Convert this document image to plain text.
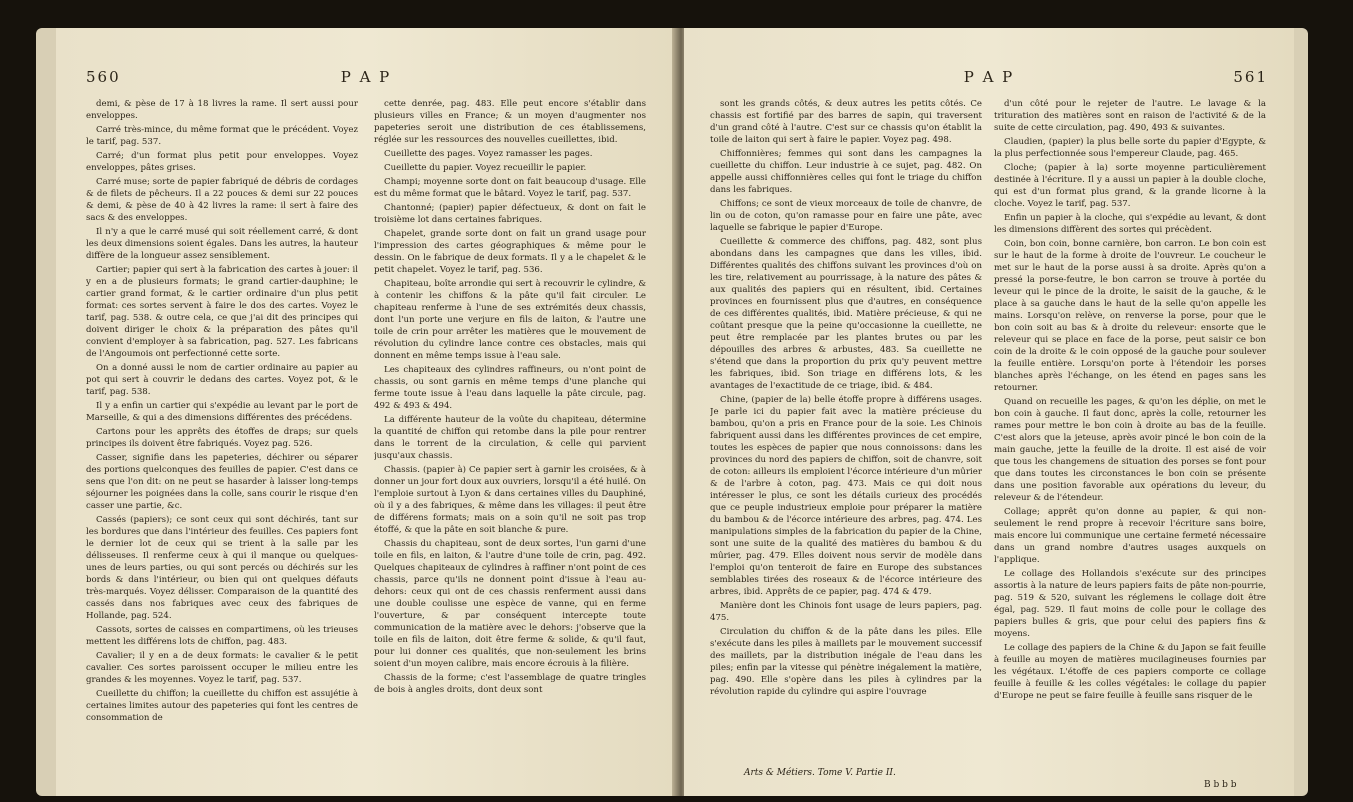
560	P A P

demi, & pèse de 17 à 18 livres la rame. Il sert aussi pour enveloppes.

Carré très-mince, du même format que le précédent. Voyez le tarif, pag. 537.

Carré; d'un format plus petit pour enveloppes. Voyez enveloppes, pâtes grises.

Carré muse; sorte de papier fabriqué de débris de cordages & de filets de pêcheurs. Il a 22 pouces & demi sur 22 pouces & demi, & pèse de 40 à 42 livres la rame: il sert à faire des sacs & des enveloppes.

Il n'y a que le carré musé qui soit réellement carré, & dont les deux dimensions soient égales. Dans les autres, la hauteur diffère de la longueur assez sensiblement.

Cartier; papier qui sert à la fabrication des cartes à jouer: il y en a de plusieurs formats; le grand cartier-dauphine; le cartier grand format, & le cartier ordinaire d'un plus petit format: ces sortes servent à faire le dos des cartes. Voyez le tarif, pag. 538. & outre cela, ce que j'ai dit des principes qui doivent diriger le choix & la préparation des pâtes qu'il convient d'employer à sa fabrication, pag. 527. Les fabricans de l'Angoumois ont perfectionné cette sorte.

On a donné aussi le nom de cartier ordinaire au papier au pot qui sert à couvrir le dedans des cartes. Voyez pot, & le tarif, pag. 538.

Il y a enfin un cartier qui s'expédie au levant par le port de Marseille, & qui a des dimensions différentes des précédens.

Cartons pour les apprêts des étoffes de draps; sur quels principes ils doivent être fabriqués. Voyez pag. 526.

Casser, signifie dans les papeteries, déchirer ou séparer des portions quelconques des feuilles de papier. C'est dans ce sens que l'on dit: on ne peut se hasarder à laisser long-temps séjourner les poignées dans la colle, sans courir le risque d'en casser une partie, &c.

Cassés (papiers); ce sont ceux qui sont déchirés, tant sur les bordures que dans l'intérieur des feuilles. Ces papiers font le dernier lot de ceux qui se trient à la salle par les délisseuses. Il renferme ceux à qui il manque ou quelques-unes de leurs parties, ou qui sont percés ou déchirés sur les bords & dans l'intérieur, ou bien qui ont quelques défauts très-marqués. Voyez délisser. Comparaison de la quantité des cassés dans nos fabriques avec ceux des fabriques de Hollande, pag. 524.

Cassots, sortes de caisses en compartimens, où les trieuses mettent les différens lots de chiffon, pag. 483.

Cavalier; il y en a de deux formats: le cavalier & le petit cavalier. Ces sortes paroissent occuper le milieu entre les grandes & les moyennes. Voyez le tarif, pag. 537.

Cueillette du chiffon; la cueillette du chiffon est assujétie à certaines limites autour des papeteries qui font les centres de consommation de

cette denrée, pag. 483. Elle peut encore s'établir dans plusieurs villes en France; & un moyen d'augmenter nos papeteries seroit une distribution de ces établissemens, réglée sur les ressources des nouvelles cueillettes, ibid.

Cueillette des pages. Voyez ramasser les pages.

Cueillette du papier. Voyez recueillir le papier.

Champi; moyenne sorte dont on fait beaucoup d'usage. Elle est du même format que le bâtard. Voyez le tarif, pag. 537.

Chantonné; (papier) papier défectueux, & dont on fait le troisième lot dans certaines fabriques.

Chapelet, grande sorte dont on fait un grand usage pour l'impression des cartes géographiques & même pour le dessin. On le fabrique de deux formats. Il y a le chapelet & le petit chapelet. Voyez le tarif, pag. 536.

Chapiteau, boîte arrondie qui sert à recouvrir le cylindre, & à contenir les chiffons & la pâte qu'il fait circuler. Le chapiteau renferme à l'une de ses extrémités deux chassis, dont l'un porte une verjure en fils de laiton, & l'autre une toile de crin pour arrêter les matières que le mouvement de révolution du cylindre lance contre ces obstacles, mais qui donnent en même temps issue à l'eau sale.

Les chapiteaux des cylindres raffineurs, ou n'ont point de chassis, ou sont garnis en même temps d'une planche qui ferme toute issue à l'eau dans laquelle la pâte circule, pag. 492 & 493 & 494.

La différente hauteur de la voûte du chapiteau, détermine la quantité de chiffon qui retombe dans la pile pour rentrer dans le torrent de la circulation, & celle qui parvient jusqu'aux chassis.

Chassis. (papier à) Ce papier sert à garnir les croisées, & à donner un jour fort doux aux ouvriers, lorsqu'il a été huilé. On l'emploie surtout à Lyon & dans certaines villes du Dauphiné, où il y a des fabriques, & même dans les villages: il peut être de différens formats; mais on a soin qu'il ne soit pas trop étoffé, & que la pâte en soit blanche & pure.

Chassis du chapiteau, sont de deux sortes, l'un garni d'une toile en fils, en laiton, & l'autre d'une toile de crin, pag. 492. Quelques chapiteaux de cylindres à raffiner n'ont point de ces chassis, parce qu'ils ne donnent point d'issue à l'eau au-dehors: ceux qui ont de ces chassis renferment aussi dans une double coulisse une espèce de vanne, qui en ferme l'ouverture, & par conséquent intercepte toute communication de la matière avec le dehors: j'observe que la toile en fils de laiton, doit être ferme & solide, & qu'il faut, pour lui donner ces qualités, que non-seulement les brins soient d'un moyen calibre, mais encore écrouis à la filière.

Chassis de la forme; c'est l'assemblage de quatre tringles de bois à angles droits, dont deux sont

P A P	561

sont les grands côtés, & deux autres les petits côtés. Ce chassis est fortifié par des barres de sapin, qui traversent d'un grand côté à l'autre. C'est sur ce chassis qu'on établit la toile de laiton qui sert à faire le papier. Voyez pag. 498.

Chiffonnières; femmes qui sont dans les campagnes la cueillette du chiffon. Leur industrie à ce sujet, pag. 482. On appelle aussi chiffonnières celles qui font le triage du chiffon dans les fabriques.

Chiffons; ce sont de vieux morceaux de toile de chanvre, de lin ou de coton, qu'on ramasse pour en faire une pâte, avec laquelle se fabrique le papier d'Europe.

Cueillette & commerce des chiffons, pag. 482, sont plus abondans dans les campagnes que dans les villes, ibid. Différentes qualités des chiffons suivant les provinces d'où on les tire, relativement au pourrissage, à la nature des pâtes & aux qualités des papiers qui en résultent, ibid. Certaines provinces en fournissent plus que d'autres, en conséquence de ces différentes qualités, ibid. Matière précieuse, & qui ne coûtant presque que la peine qu'occasionne la cueillette, ne peut être remplacée par les plantes brutes ou par les dépouilles des arbres & arbustes, 483. Sa cueillette ne s'étend que dans la proportion du prix qu'y peuvent mettre les fabriques, ibid. Son triage en différens lots, & les avantages de l'exactitude de ce triage, ibid. & 484.

Chine, (papier de la) belle étoffe propre à différens usages. Je parle ici du papier fait avec la matière précieuse du bambou, qu'on a pris en France pour de la soie. Les Chinois fabriquent aussi dans les différentes provinces de cet empire, toutes les espèces de papier que nous connoissons: dans les provinces du nord des papiers de chiffon, soit de chanvre, soit de coton: ailleurs ils emploient l'écorce intérieure d'un mûrier & de l'arbre à coton, pag. 473. Mais ce qui doit nous intéresser le plus, ce sont les détails curieux des procédés que ce peuple industrieux emploie pour préparer la matière du bambou & de l'écorce intérieure des arbres, pag. 474. Les manipulations simples de la fabrication du papier de la Chine, sont une suite de la qualité des matières du bambou & du mûrier, pag. 479. Elles doivent nous servir de modèle dans l'emploi qu'on tenteroit de faire en Europe des substances semblables tirées des roseaux & de l'écorce intérieure des arbres, ibid. Apprêts de ce papier, pag. 474 & 479.

Manière dont les Chinois font usage de leurs papiers, pag. 475.

Circulation du chiffon & de la pâte dans les piles. Elle s'exécute dans les piles à maillets par le mouvement successif des maillets, par la distribution inégale de l'eau dans les piles; enfin par la vitesse qui pénètre inégalement la matière, pag. 490. Elle s'opère dans les piles à cylindres par la révolution rapide du cylindre qui aspire l'ouvrage

d'un côté pour le rejeter de l'autre. Le lavage & la trituration des matières sont en raison de l'activité & de la suite de cette circulation, pag. 490, 493 & suivantes.

Claudien, (papier) la plus belle sorte du papier d'Egypte, & la plus perfectionnée sous l'empereur Claude, pag. 465.

Cloche; (papier à la) sorte moyenne particulièrement destinée à l'écriture. Il y a aussi un papier à la double cloche, qui est d'un format plus grand, & la grande licorne à la cloche. Voyez le tarif, pag. 537.

Enfin un papier à la cloche, qui s'expédie au levant, & dont les dimensions diffèrent des sortes qui précèdent.

Coin, bon coin, bonne carnière, bon carron. Le bon coin est sur le haut de la forme à droite de l'ouvreur. Le coucheur le met sur le haut de la porse aussi à sa droite. Après qu'on a pressé la porse-feutre, le bon carron se trouve à portée du leveur qui le pince de la droite, le saisit de la gauche, & le place à sa gauche dans le haut de la selle qu'on appelle les mains. Lorsqu'on relève, on renverse la porse, pour que le bon coin soit au bas & à droite du releveur: ensorte que le releveur qui se place en face de la porse, peut saisir ce bon coin de la droite & le coin opposé de la gauche pour soulever la feuille entière. Lorsqu'on porte à l'étendoir les porses blanches après l'échange, on les étend en pages sans les retourner.

Quand on recueille les pages, & qu'on les déplie, on met le bon coin à gauche. Il faut donc, après la colle, retourner les rames pour mettre le bon coin à droite au bas de la feuille. C'est alors que la jeteuse, après avoir pincé le bon coin de la main gauche, jette la feuille de la droite. Il est aisé de voir que tous les changemens de situation des porses se font pour que dans toutes les circonstances le bon coin se présente dans une position favorable aux opérations du leveur, du releveur & de l'étendeur.

Collage; apprêt qu'on donne au papier, & qui non-seulement le rend propre à recevoir l'écriture sans boire, mais encore lui communique une certaine fermeté nécessaire dans un grand nombre d'autres usages auxquels on l'applique.

Le collage des Hollandois s'exécute sur des principes assortis à la nature de leurs papiers faits de pâte non-pourrie, pag. 519 & 520, suivant les réglemens le collage doit être égal, pag. 529. Il faut moins de colle pour le collage des papiers bulles & gris, que pour celui des papiers fins & moyens.

Le collage des papiers de la Chine & du Japon se fait feuille à feuille au moyen de matières mucilagineuses fournies par les végétaux. L'étoffe de ces papiers comporte ce collage feuille à feuille & les colles végétales: le collage du papier d'Europe ne peut se faire feuille à feuille sans risquer de le

Arts & Métiers. Tome V. Partie II.
B b b b
